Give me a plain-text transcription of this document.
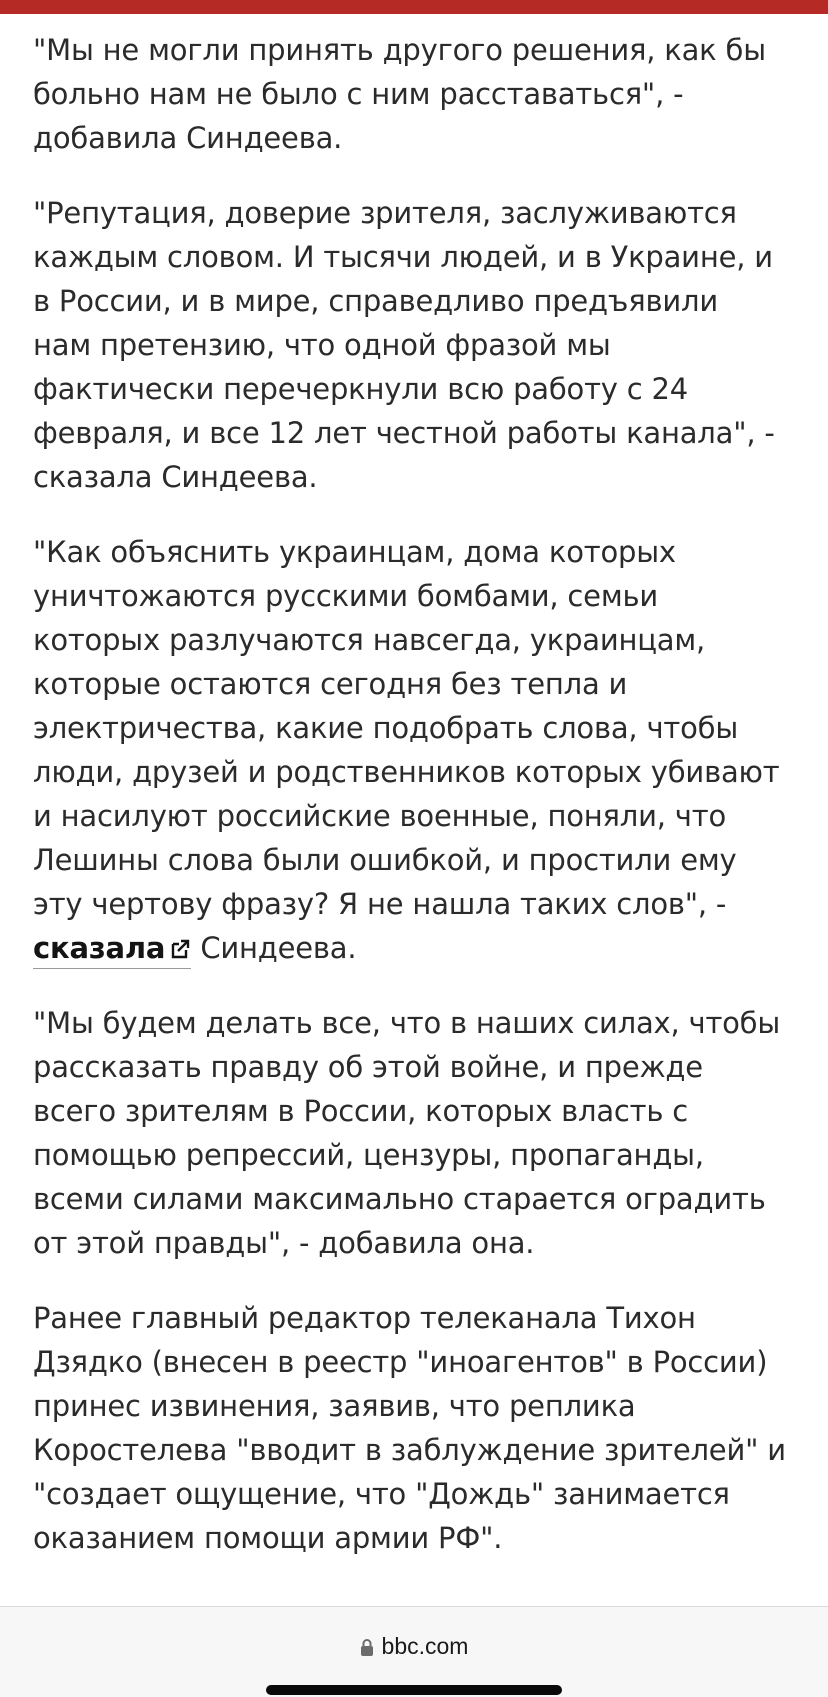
"Мы не могли принять другого решения, как бы
больно нам не было с ним расставаться", -
добавила Синдеева.

"Репутация, доверие зрителя, заслуживаются
каждым словом. И тысячи людей, и в Украине, и
в России, и в мире, справедливо предъявили
нам претензию, что одной фразой мы
фактически перечеркнули всю работу с 24
февраля, и все 12 лет честной работы канала", -
сказала Синдеева.

"Как объяснить украинцам, дома которых
уничтожаются русскими бомбами, семьи
которых разлучаются навсегда, украинцам,
которые остаются сегодня без тепла и
электричества, какие подобрать слова, чтобы
люди, друзей и родственников которых убивают
и насилуют российские военные, поняли, что
Лешины слова были ошибкой, и простили ему
эту чертову фразу? Я не нашла таких слов", -
сказала Синдеева.

"Мы будем делать все, что в наших силах, чтобы
рассказать правду об этой войне, и прежде
всего зрителям в России, которых власть с
помощью репрессий, цензуры, пропаганды,
всеми силами максимально старается оградить
от этой правды", - добавила она.

Ранее главный редактор телеканала Тихон
Дзядко (внесен в реестр "иноагентов" в России)
принес извинения, заявив, что реплика
Коростелева "вводит в заблуждение зрителей" и
"создает ощущение, что "Дождь" занимается
оказанием помощи армии РФ".

bbc.com
